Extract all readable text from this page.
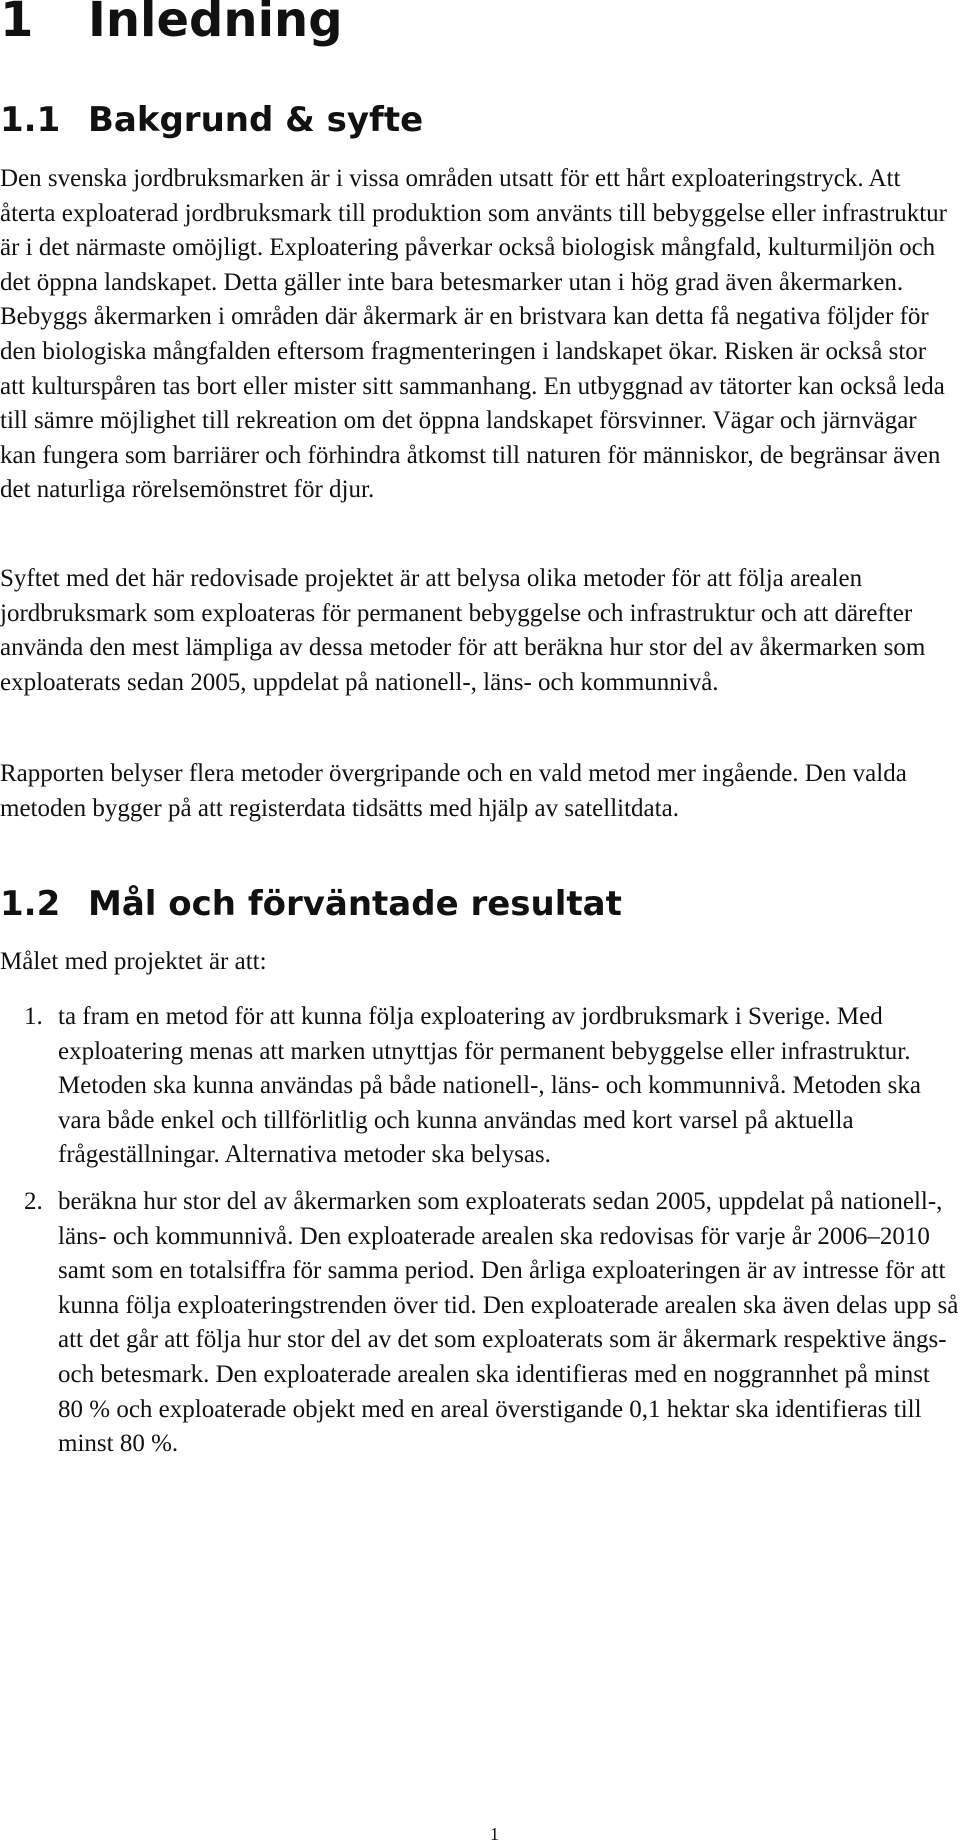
1 Inledning
1.1 Bakgrund & syfte

Den svenska jordbruksmarken är i vissa områden utsatt för ett hårt exploateringstryck. Att återta exploaterad jordbruksmark till produktion som använts till bebyggelse eller infrastruktur är i det närmaste omöjligt. Exploatering påverkar också biologisk mångfald, kulturmiljön och det öppna landskapet. Detta gäller inte bara betesmarker utan i hög grad även åkermarken. Bebyggs åkermarken i områden där åkermark är en bristvara kan detta få negativa följder för den biologiska mångfalden eftersom fragmenteringen i landskapet ökar. Risken är också stor att kulturspåren tas bort eller mister sitt sammanhang. En utbyggnad av tätorter kan också leda till sämre möjlighet till rekreation om det öppna landskapet försvinner. Vägar och järnvägar kan fungera som barriärer och förhindra åtkomst till naturen för människor, de begränsar även det naturliga rörelsemönstret för djur.

Syftet med det här redovisade projektet är att belysa olika metoder för att följa arealen jordbruksmark som exploateras för permanent bebyggelse och infrastruktur och att därefter använda den mest lämpliga av dessa metoder för att beräkna hur stor del av åkermarken som exploaterats sedan 2005, uppdelat på nationell-, läns- och kommunnivå.

Rapporten belyser flera metoder övergripande och en vald metod mer ingående. Den valda metoden bygger på att registerdata tidsätts med hjälp av satellitdata.

1.2 Mål och förväntade resultat

Målet med projektet är att:

1. ta fram en metod för att kunna följa exploatering av jordbruksmark i Sverige. Med exploatering menas att marken utnyttjas för permanent bebyggelse eller infrastruktur. Metoden ska kunna användas på både nationell-, läns- och kommunnivå. Metoden ska vara både enkel och tillförlitlig och kunna användas med kort varsel på aktuella frågeställningar. Alternativa metoder ska belysas.
2. beräkna hur stor del av åkermarken som exploaterats sedan 2005, uppdelat på nationell-, läns- och kommunnivå. Den exploaterade arealen ska redovisas för varje år 2006–2010 samt som en totalsiffra för samma period. Den årliga exploateringen är av intresse för att kunna följa exploateringstrenden över tid. Den exploaterade arealen ska även delas upp så att det går att följa hur stor del av det som exploaterats som är åkermark respektive ängs- och betesmark. Den exploaterade arealen ska identifieras med en noggrannhet på minst 80 % och exploaterade objekt med en areal överstigande 0,1 hektar ska identifieras till minst 80 %.
1
